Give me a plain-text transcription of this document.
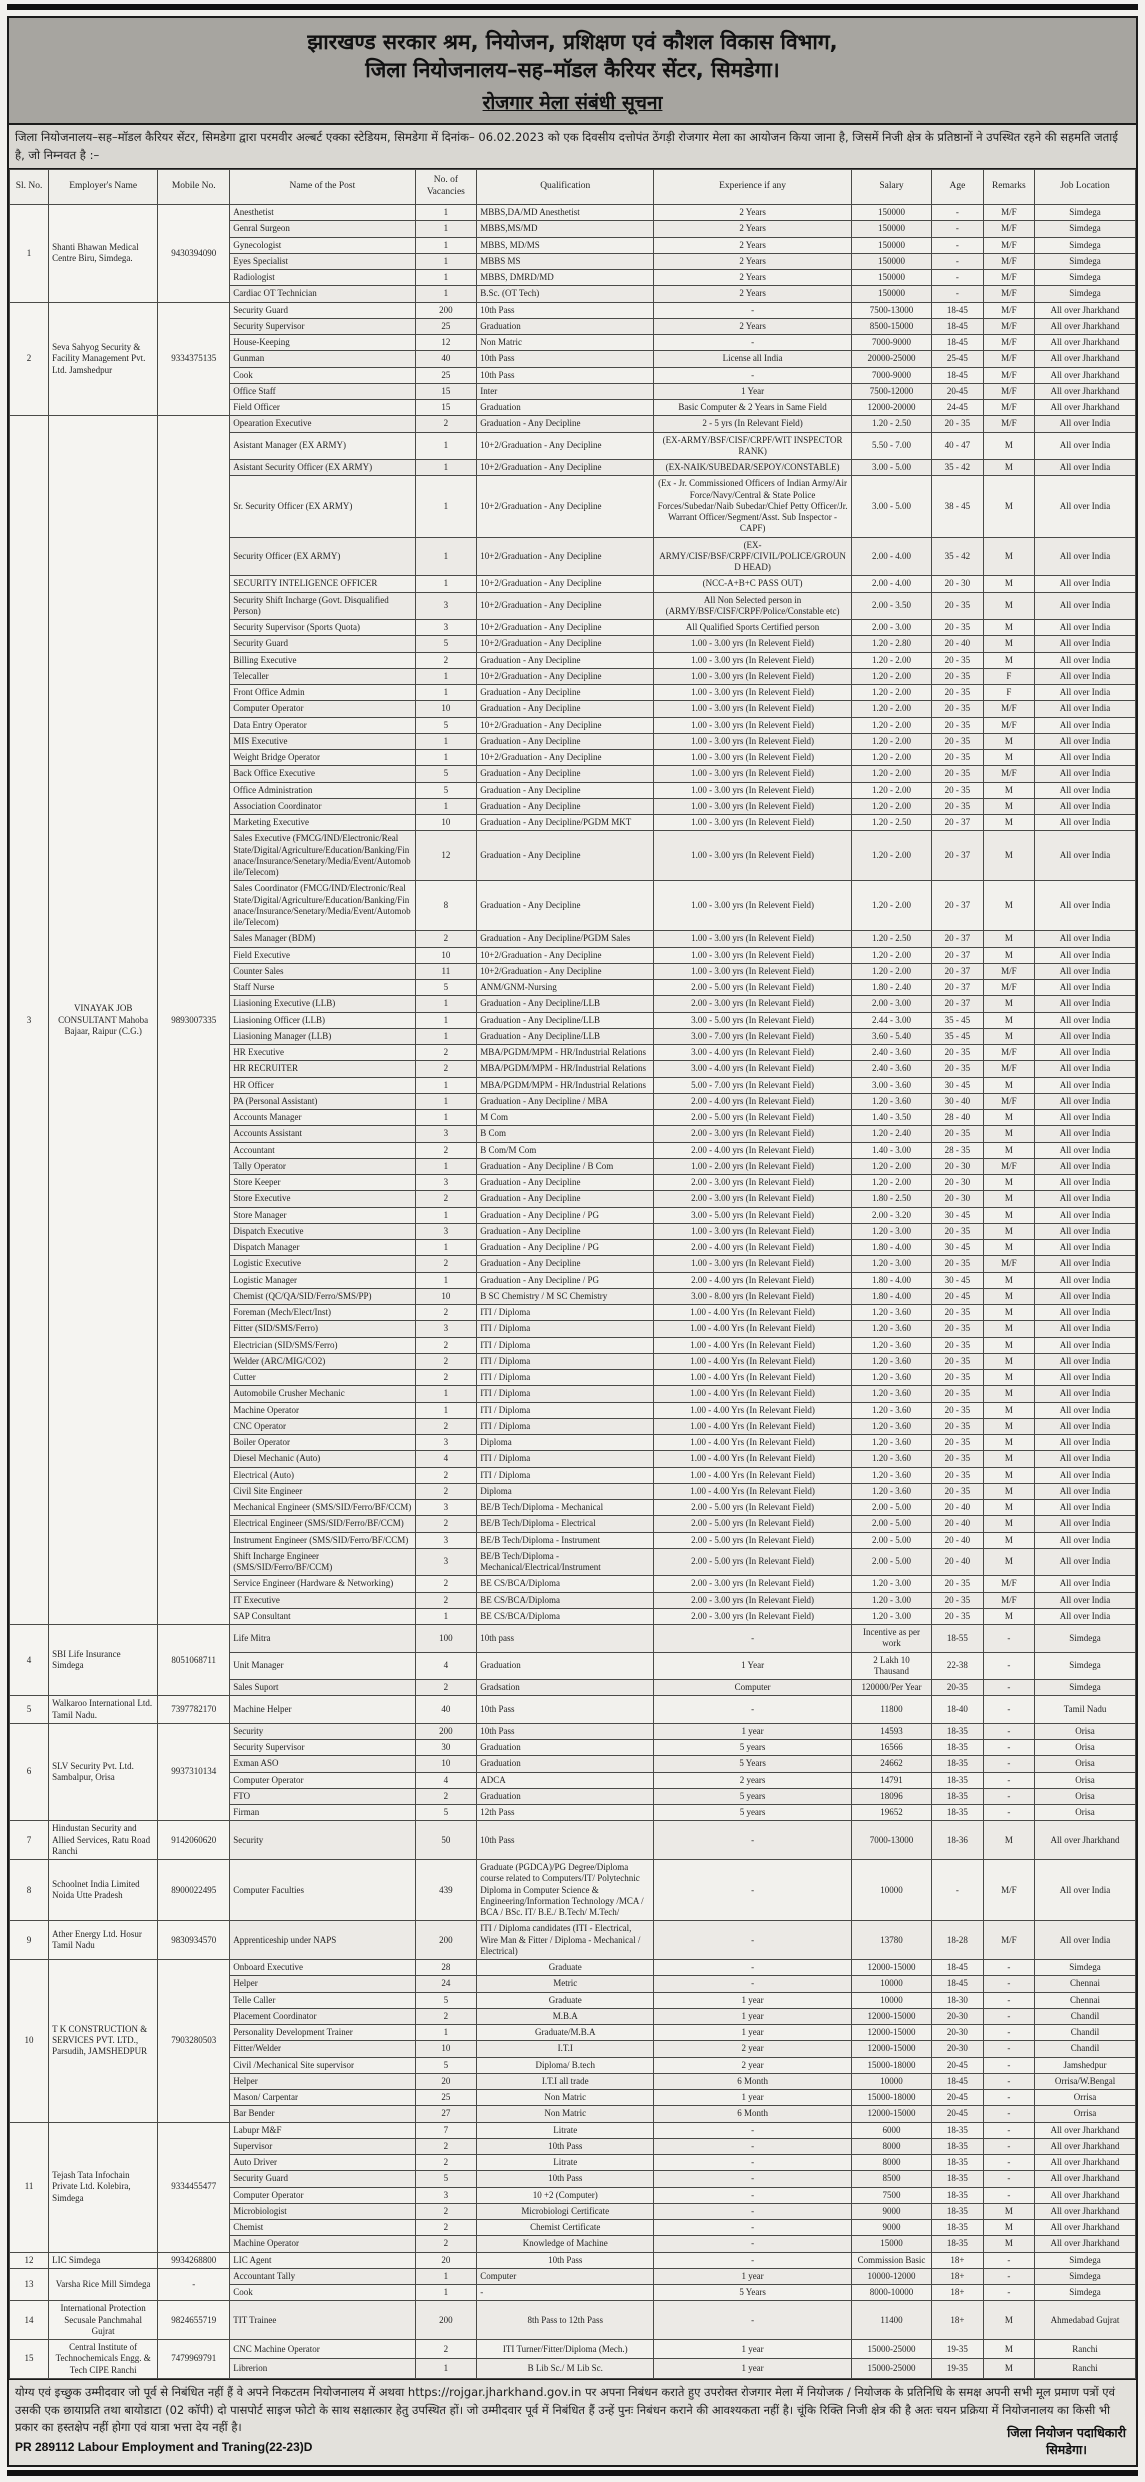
झारखण्ड सरकार श्रम, नियोजन, प्रशिक्षण एवं कौशल विकास विभाग,
जिला नियोजनालय–सह–मॉडल कैरियर सेंटर, सिमडेगा।
रोजगार मेला संबंधी सूचना
जिला नियोजनालय–सह–मॉडल कैरियर सेंटर, सिमडेगा द्वारा परमवीर अल्बर्ट एक्का स्टेडियम, सिमडेगा में दिनांक– 06.02.2023 को एक दिवसीय दत्तोपंत ठेंगड़ी रोजगार मेला का आयोजन किया जाना है, जिसमें निजी क्षेत्र के प्रतिष्ठानों ने उपस्थित रहने की सहमति जताई है, जो निम्नवत है :–
Sl. No.	Employer's Name	Mobile No.	Name of the Post	No. of Vacancies	Qualification	Experience if any	Salary	Age	Remarks	Job Location
1	Shanti Bhawan Medical Centre Biru, Simdega.	9430394090	Anesthetist	1	MBBS,DA/MD Anesthetist	2 Years	150000	-	M/F	Simdega
			Genral Surgeon	1	MBBS,MS/MD	2 Years	150000	-	M/F	Simdega
			Gynecologist	1	MBBS, MD/MS	2 Years	150000	-	M/F	Simdega
			Eyes Specialist	1	MBBS MS	2 Years	150000	-	M/F	Simdega
			Radiologist	1	MBBS, DMRD/MD	2 Years	150000	-	M/F	Simdega
			Cardiac OT Technician	1	B.Sc. (OT Tech)	2 Years	150000	-	M/F	Simdega
2	Seva Sahyog Security & Facility Management Pvt. Ltd. Jamshedpur	9334375135	Security Guard	200	10th Pass	-	7500-13000	18-45	M/F	All over Jharkhand
			Security Supervisor	25	Graduation	2 Years	8500-15000	18-45	M/F	All over Jharkhand
			House-Keeping	12	Non Matric	-	7000-9000	18-45	M/F	All over Jharkhand
			Gunman	40	10th Pass	License all India	20000-25000	25-45	M/F	All over Jharkhand
			Cook	25	10th Pass	-	7000-9000	18-45	M/F	All over Jharkhand
			Office Staff	15	Inter	1 Year	7500-12000	20-45	M/F	All over Jharkhand
			Field Officer	15	Graduation	Basic Computer & 2 Years in Same Field	12000-20000	24-45	M/F	All over Jharkhand
3	VINAYAK JOB CONSULTANT Mahoba Bajaar, Raipur (C.G.)	9893007335	Opearation Executive	2	Graduation - Any Decipline	2 - 5 yrs (In Relevant Field)	1.20 - 2.50	20 - 35	M/F	All over India
			Asistant Manager (EX ARMY)	1	10+2/Graduation - Any Decipline	(EX-ARMY/BSF/CISF/CRPF/WIT INSPECTOR RANK)	5.50 - 7.00	40 - 47	M	All over India
			Asistant Security Officer (EX ARMY)	1	10+2/Graduation - Any Decipline	(EX-NAIK/SUBEDAR/SEPOY/CONSTABLE)	3.00 - 5.00	35 - 42	M	All over India
			Sr. Security Officer (EX ARMY)	1	10+2/Graduation - Any Decipline	(Ex - Jr. Commissioned Officers of Indian Army/Air Force/Navy/Central & State Police Forces/Subedar/Naib Subedar/Chief Petty Officer/Jr. Warrant Officer/Segment/Asst. Sub Inspector - CAPF)	3.00 - 5.00	38 - 45	M	All over India
			Security Officer (EX ARMY)	1	10+2/Graduation - Any Decipline	(EX-ARMY/CISF/BSF/CRPF/CIVIL/POLICE/GROUND HEAD)	2.00 - 4.00	35 - 42	M	All over India
			SECURITY INTELIGENCE OFFICER	1	10+2/Graduation - Any Decipline	(NCC-A+B+C PASS OUT)	2.00 - 4.00	20 - 30	M	All over India
			Security Shift Incharge (Govt. Disqualified Person)	3	10+2/Graduation - Any Decipline	All Non Selected person in (ARMY/BSF/CISF/CRPF/Police/Constable etc)	2.00 - 3.50	20 - 35	M	All over India
			Security Supervisor (Sports Quota)	3	10+2/Graduation - Any Decipline	All Qualified Sports Certified person	2.00 - 3.00	20 - 35	M	All over India
			Security Guard	5	10+2/Graduation - Any Decipline	1.00 - 3.00 yrs (In Relevent Field)	1.20 - 2.80	20 - 40	M	All over India
			Billing Executive	2	Graduation - Any Decipline	1.00 - 3.00 yrs (In Relevent Field)	1.20 - 2.00	20 - 35	M	All over India
			Telecaller	1	10+2/Graduation - Any Decipline	1.00 - 3.00 yrs (In Relevent Field)	1.20 - 2.00	20 - 35	F	All over India
			Front Office Admin	1	Graduation - Any Decipline	1.00 - 3.00 yrs (In Relevent Field)	1.20 - 2.00	20 - 35	F	All over India
			Computer Operator	10	Graduation - Any Decipline	1.00 - 3.00 yrs (In Relevent Field)	1.20 - 2.00	20 - 35	M/F	All over India
			Data Entry Operator	5	10+2/Graduation - Any Decipline	1.00 - 3.00 yrs (In Relevent Field)	1.20 - 2.00	20 - 35	M/F	All over India
			MIS Executive	1	Graduation - Any Decipline	1.00 - 3.00 yrs (In Relevent Field)	1.20 - 2.00	20 - 35	M	All over India
			Weight Bridge Operator	1	10+2/Graduation - Any Decipline	1.00 - 3.00 yrs (In Relevent Field)	1.20 - 2.00	20 - 35	M	All over India
			Back Office Executive	5	Graduation - Any Decipline	1.00 - 3.00 yrs (In Relevent Field)	1.20 - 2.00	20 - 35	M/F	All over India
			Office Administration	5	Graduation - Any Decipline	1.00 - 3.00 yrs (In Relevent Field)	1.20 - 2.00	20 - 35	M	All over India
			Association Coordinator	1	Graduation - Any Decipline	1.00 - 3.00 yrs (In Relevent Field)	1.20 - 2.00	20 - 35	M	All over India
			Marketing Executive	10	Graduation - Any Decipline/PGDM MKT	1.00 - 3.00 yrs (In Relevent Field)	1.20 - 2.50	20 - 37	M	All over India
			Sales Executive (FMCG/IND/Electronic/Real State/Digital/Agriculture/Education/Banking/Finanace/Insurance/Senetary/Media/Event/Automobile/Telecom)	12	Graduation - Any Decipline	1.00 - 3.00 yrs (In Relevent Field)	1.20 - 2.00	20 - 37	M	All over India
			Sales Coordinator (FMCG/IND/Electronic/Real State/Digital/Agriculture/Education/Banking/Finanace/Insurance/Senetary/Media/Event/Automobile/Telecom)	8	Graduation - Any Decipline	1.00 - 3.00 yrs (In Relevent Field)	1.20 - 2.00	20 - 37	M	All over India
			Sales Manager (BDM)	2	Graduation - Any Decipline/PGDM Sales	1.00 - 3.00 yrs (In Relevent Field)	1.20 - 2.50	20 - 37	M	All over India
			Field Executive	10	10+2/Graduation - Any Decipline	1.00 - 3.00 yrs (In Relevent Field)	1.20 - 2.00	20 - 37	M	All over India
			Counter Sales	11	10+2/Graduation - Any Decipline	1.00 - 3.00 yrs (In Relevent Field)	1.20 - 2.00	20 - 37	M/F	All over India
			Staff Nurse	5	ANM/GNM-Nursing	2.00 - 5.00 yrs (In Relevant Field)	1.80 - 2.40	20 - 37	M/F	All over India
			Liasioning Executive (LLB)	1	Graduation - Any Decipline/LLB	2.00 - 3.00 yrs (In Relevant Field)	2.00 - 3.00	20 - 37	M	All over India
			Liasioning Officer (LLB)	1	Graduation - Any Decipline/LLB	3.00 - 5.00 yrs (In Relevant Field)	2.44 - 3.00	35 - 45	M	All over India
			Liasioning Manager (LLB)	1	Graduation - Any Decipline/LLB	3.00 - 7.00 yrs (In Relevant Field)	3.60 - 5.40	35 - 45	M	All over India
			HR Executive	2	MBA/PGDM/MPM - HR/Industrial Relations	3.00 - 4.00 yrs (In Relevant Field)	2.40 - 3.60	20 - 35	M/F	All over India
			HR RECRUITER	2	MBA/PGDM/MPM - HR/Industrial Relations	3.00 - 4.00 yrs (In Relevant Field)	2.40 - 3.60	20 - 35	M/F	All over India
			HR Officer	1	MBA/PGDM/MPM - HR/Industrial Relations	5.00 - 7.00 yrs (In Relevant Field)	3.00 - 3.60	30 - 45	M	All over India
			PA (Personal Assistant)	1	Graduation - Any Decipline / MBA	2.00 - 4.00 yrs (In Relevant Field)	1.20 - 3.60	30 - 40	M/F	All over India
			Accounts Manager	1	M Com	2.00 - 5.00 yrs (In Relevant Field)	1.40 - 3.50	28 - 40	M	All over India
			Accounts Assistant	3	B Com	2.00 - 3.00 yrs (In Relevant Field)	1.20 - 2.40	20 - 35	M	All over India
			Accountant	2	B Com/M Com	2.00 - 4.00 yrs (In Relevant Field)	1.40 - 3.00	28 - 35	M	All over India
			Tally Operator	1	Graduation - Any Decipline / B Com	1.00 - 2.00 yrs (In Relevant Field)	1.20 - 2.00	20 - 30	M/F	All over India
			Store Keeper	3	Graduation - Any Decipline	2.00 - 3.00 yrs (In Relevant Field)	1.20 - 2.00	20 - 30	M	All over India
			Store Executive	2	Graduation - Any Decipline	2.00 - 3.00 yrs (In Relevant Field)	1.80 - 2.50	20 - 30	M	All over India
			Store Manager	1	Graduation - Any Decipline / PG	3.00 - 5.00 yrs (In Relevant Field)	2.00 - 3.20	30 - 45	M	All over India
			Dispatch Executive	3	Graduation - Any Decipline	1.00 - 3.00 yrs (In Relevant Field)	1.20 - 3.00	20 - 35	M	All over India
			Dispatch Manager	1	Graduation - Any Decipline / PG	2.00 - 4.00 yrs (In Relevant Field)	1.80 - 4.00	30 - 45	M	All over India
			Logistic Executive	2	Graduation - Any Decipline	1.00 - 3.00 yrs (In Relevant Field)	1.20 - 3.00	20 - 35	M/F	All over India
			Logistic Manager	1	Graduation - Any Decipline / PG	2.00 - 4.00 yrs (In Relevant Field)	1.80 - 4.00	30 - 45	M	All over India
			Chemist (QC/QA/SID/Ferro/SMS/PP)	10	B SC Chemistry / M SC Chemistry	3.00 - 8.00 yrs (In Relevant Field)	1.80 - 4.00	20 - 45	M	All over India
			Foreman (Mech/Elect/Inst)	2	ITI / Diploma	1.00 - 4.00 Yrs (In Relevant Field)	1.20 - 3.60	20 - 35	M	All over India
			Fitter (SID/SMS/Ferro)	3	ITI / Diploma	1.00 - 4.00 Yrs (In Relevant Field)	1.20 - 3.60	20 - 35	M	All over India
			Electrician (SID/SMS/Ferro)	2	ITI / Diploma	1.00 - 4.00 Yrs (In Relevant Field)	1.20 - 3.60	20 - 35	M	All over India
			Welder (ARC/MIG/CO2)	2	ITI / Diploma	1.00 - 4.00 Yrs (In Relevant Field)	1.20 - 3.60	20 - 35	M	All over India
			Cutter	2	ITI / Diploma	1.00 - 4.00 Yrs (In Relevant Field)	1.20 - 3.60	20 - 35	M	All over India
			Automobile Crusher Mechanic	1	ITI / Diploma	1.00 - 4.00 Yrs (In Relevant Field)	1.20 - 3.60	20 - 35	M	All over India
			Machine Operator	1	ITI / Diploma	1.00 - 4.00 Yrs (In Relevant Field)	1.20 - 3.60	20 - 35	M	All over India
			CNC Operator	2	ITI / Diploma	1.00 - 4.00 Yrs (In Relevant Field)	1.20 - 3.60	20 - 35	M	All over India
			Boiler Operator	3	Diploma	1.00 - 4.00 Yrs (In Relevant Field)	1.20 - 3.60	20 - 35	M	All over India
			Diesel Mechanic (Auto)	4	ITI / Diploma	1.00 - 4.00 Yrs (In Relevant Field)	1.20 - 3.60	20 - 35	M	All over India
			Electrical (Auto)	2	ITI / Diploma	1.00 - 4.00 Yrs (In Relevant Field)	1.20 - 3.60	20 - 35	M	All over India
			Civil Site Engineer	2	Diploma	1.00 - 4.00 Yrs (In Relevant Field)	1.20 - 3.60	20 - 35	M	All over India
			Mechanical Engineer (SMS/SID/Ferro/BF/CCM)	3	BE/B Tech/Diploma - Mechanical	2.00 - 5.00 yrs (In Relevant Field)	2.00 - 5.00	20 - 40	M	All over India
			Electrical Engineer (SMS/SID/Ferro/BF/CCM)	2	BE/B Tech/Diploma - Electrical	2.00 - 5.00 yrs (In Relevant Field)	2.00 - 5.00	20 - 40	M	All over India
			Instrument Engineer (SMS/SID/Ferro/BF/CCM)	3	BE/B Tech/Diploma - Instrument	2.00 - 5.00 yrs (In Relevant Field)	2.00 - 5.00	20 - 40	M	All over India
			Shift Incharge Engineer (SMS/SID/Ferro/BF/CCM)	3	BE/B Tech/Diploma - Mechanical/Electrical/Instrument	2.00 - 5.00 yrs (In Relevant Field)	2.00 - 5.00	20 - 40	M	All over India
			Service Engineer (Hardware & Networking)	2	BE CS/BCA/Diploma	2.00 - 3.00 yrs (In Relevant Field)	1.20 - 3.00	20 - 35	M/F	All over India
			IT Executive	2	BE CS/BCA/Diploma	2.00 - 3.00 yrs (In Relevant Field)	1.20 - 3.00	20 - 35	M/F	All over India
			SAP Consultant	1	BE CS/BCA/Diploma	2.00 - 3.00 yrs (In Relevant Field)	1.20 - 3.00	20 - 35	M	All over India
4	SBI Life Insurance Simdega	8051068711	Life Mitra	100	10th pass	-	Incentive as per work	18-55	-	Simdega
			Unit Manager	4	Graduation	1 Year	2 Lakh 10 Thausand	22-38	-	Simdega
			Sales Suport	2	Gradsation	Computer	120000/Per Year	20-35	-	Simdega
5	Walkaroo International Ltd. Tamil Nadu.	7397782170	Machine Helper	40	10th Pass	-	11800	18-40	-	Tamil Nadu
6	SLV Security Pvt. Ltd. Sambalpur, Orisa	9937310134	Security	200	10th Pass	1 year	14593	18-35	-	Orisa
			Security Supervisor	30	Graduation	5 years	16566	18-35	-	Orisa
			Exman ASO	10	Graduation	5 Years	24662	18-35	-	Orisa
			Computer Operator	4	ADCA	2 years	14791	18-35	-	Orisa
			FTO	2	Graduation	5 years	18096	18-35	-	Orisa
			Firman	5	12th Pass	5 years	19652	18-35	-	Orisa
7	Hindustan Security and Allied Services, Ratu Road Ranchi	9142060620	Security	50	10th Pass	-	7000-13000	18-36	M	All over Jharkhand
8	Schoolnet India Limited Noida Utte Pradesh	8900022495	Computer Faculties	439	Graduate (PGDCA)/PG Degree/Diploma course related to Computers/IT/ Polytechnic Diploma in Computer Science & Engineering/Information Technology /MCA / BCA / BSc. IT/ B.E./ B.Tech/ M.Tech/	-	10000	-	M/F	All over India
9	Ather Energy Ltd. Hosur Tamil Nadu	9830934570	Apprenticeship under NAPS	200	ITI / Diploma candidates (ITI - Electrical, Wire Man & Fitter / Diploma - Mechanical / Electrical)	-	13780	18-28	M/F	All over India
10	T K CONSTRUCTION & SERVICES PVT. LTD., Parsudih, JAMSHEDPUR	7903280503	Onboard Executive	28	Graduate	-	12000-15000	18-45	-	Simdega
			Helper	24	Metric	-	10000	18-45	-	Chennai
			Telle Caller	5	Graduate	1 year	10000	18-30	-	Chennai
			Placement Coordinator	2	M.B.A	1 year	12000-15000	20-30	-	Chandil
			Personality Development Trainer	1	Graduate/M.B.A	1 year	12000-15000	20-30	-	Chandil
			Fitter/Welder	10	I.T.I	2 year	12000-15000	20-30	-	Chandil
			Civil /Mechanical Site supervisor	5	Diploma/ B.tech	2 year	15000-18000	20-45	-	Jamshedpur
			Helper	20	I.T.I all trade	6 Month	10000	18-45	-	Orrisa/W.Bengal
			Mason/ Carpentar	25	Non Matric	1 year	15000-18000	20-45	-	Orrisa
			Bar Bender	27	Non Matric	6 Month	12000-15000	20-45	-	Orrisa
11	Tejash Tata Infochain Private Ltd. Kolebira, Simdega	9334455477	Labupr M&F	7	Litrate	-	6000	18-35	-	All over Jharkhand
			Supervisor	2	10th Pass	-	8000	18-35	-	All over Jharkhand
			Auto Driver	2	Litrate	-	8000	18-35	-	All over Jharkhand
			Security Guard	5	10th Pass	-	8500	18-35	-	All over Jharkhand
			Computer Operator	3	10 +2 (Computer)	-	7500	18-35	-	All over Jharkhand
			Microbiologist	2	Microbiologi Certificate	-	9000	18-35	M	All over Jharkhand
			Chemist	2	Chemist Certificate	-	9000	18-35	M	All over Jharkhand
			Machine Operator	2	Knowledge of Machine	-	15000	18-35	M	All over Jharkhand
12	LIC Simdega	9934268800	LIC Agent	20	10th Pass	-	Commission Basic	18+	-	Simdega
13	Varsha Rice Mill Simdega	-	Accountant Tally	1	Computer	1 year	10000-12000	18+	-	Simdega
			Cook	1	-	5 Years	8000-10000	18+	-	Simdega
14	International Protection Secusale Panchmahal Gujrat	9824655719	TIT Trainee	200	8th Pass to 12th Pass	-	11400	18+	M	Ahmedabad Gujrat
15	Central Institute of Technochemicals Engg. & Tech CIPE Ranchi	7479969791	CNC Machine Operator	2	ITI Turner/Fitter/Diploma (Mech.)	1 year	15000-25000	19-35	M	Ranchi
			Librerion	1	B Lib Sc./ M Lib Sc.	1 year	15000-25000	19-35	M	Ranchi

योग्य एवं इच्छुक उम्मीदवार जो पूर्व से निबंधित नहीं हैं वे अपने निकटतम नियोजनालय में अथवा https://rojgar.jharkhand.gov.in पर अपना निबंधन कराते हुए उपरोक्त रोजगार मेला में नियोजक / नियोजक के प्रतिनिधि के समक्ष अपनी सभी मूल प्रमाण पत्रों एवं उसकी एक छायाप्रति तथा बायोडाटा (02 कॉपी) दो पासपोर्ट साइज फोटो के साथ सक्षात्कार हेतु उपस्थित हों। जो उम्मीदवार पूर्व में निबंधित हैं उन्हें पुनः निबंधन कराने की आवश्यकता नहीं है। चूंकि रिक्ति निजी क्षेत्र की है अतः चयन प्रक्रिया में नियोजनालय का किसी भी प्रकार का हस्तक्षेप नहीं होगा एवं यात्रा भत्ता देय नहीं है।

PR 289112 Labour Employment and Traning(22-23)D
जिला नियोजन पदाधिकारी
सिमडेगा।
